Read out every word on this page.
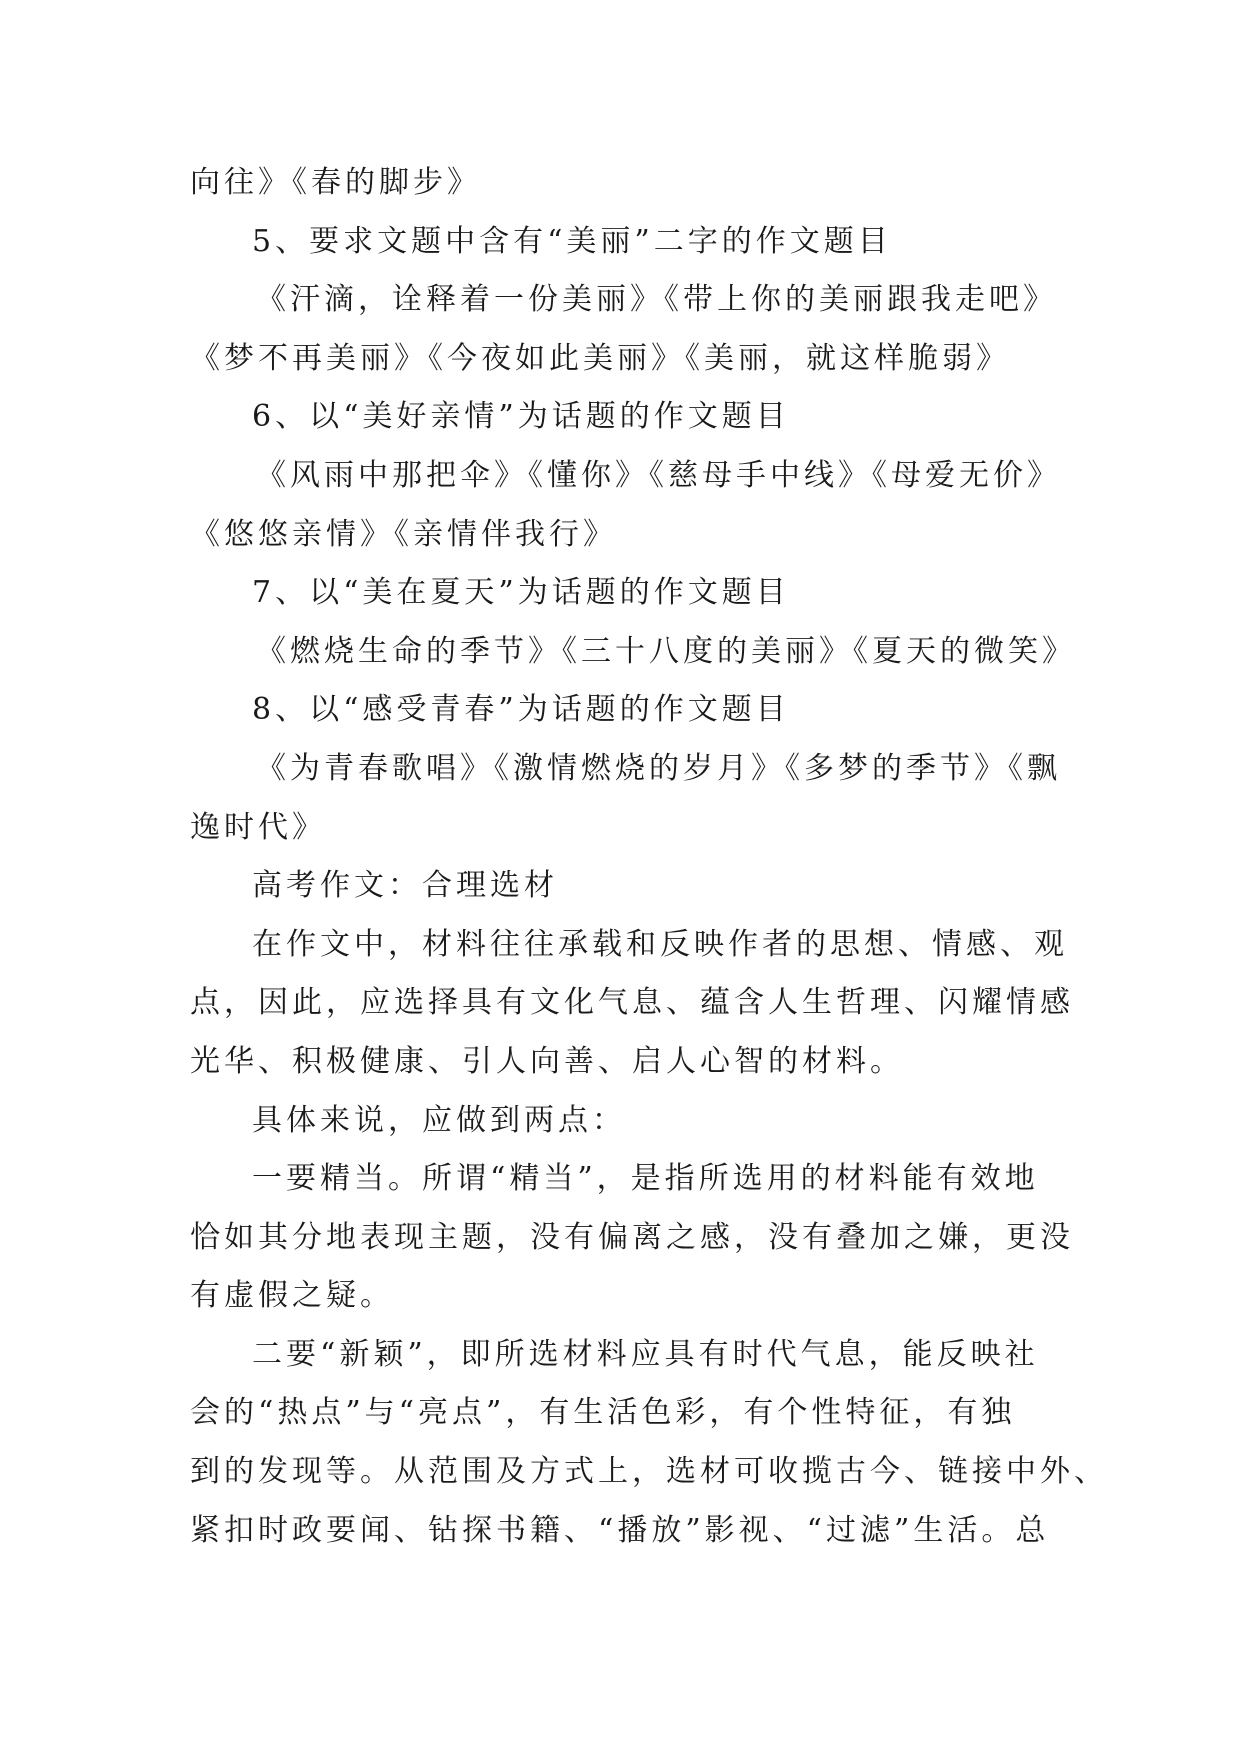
向往》《春的脚步》

5、要求文题中含有“美丽”二字的作文题目

《汗滴，诠释着一份美丽》《带上你的美丽跟我走吧》

《梦不再美丽》《今夜如此美丽》《美丽，就这样脆弱》

6、以“美好亲情”为话题的作文题目

《风雨中那把伞》《懂你》《慈母手中线》《母爱无价》

《悠悠亲情》《亲情伴我行》

7、以“美在夏天”为话题的作文题目

《燃烧生命的季节》《三十八度的美丽》《夏天的微笑》

8、以“感受青春”为话题的作文题目

《为青春歌唱》《激情燃烧的岁月》《多梦的季节》《飘

逸时代》

高考作文：合理选材

在作文中，材料往往承载和反映作者的思想、情感、观

点，因此，应选择具有文化气息、蕴含人生哲理、闪耀情感

光华、积极健康、引人向善、启人心智的材料。

具体来说，应做到两点：

一要精当。所谓“精当”，是指所选用的材料能有效地

恰如其分地表现主题，没有偏离之感，没有叠加之嫌，更没

有虚假之疑。

二要“新颖”，即所选材料应具有时代气息，能反映社

会的“热点”与“亮点”，有生活色彩，有个性特征，有独

到的发现等。从范围及方式上，选材可收揽古今、链接中外、

紧扣时政要闻、钻探书籍、“播放”影视、“过滤”生活。总
